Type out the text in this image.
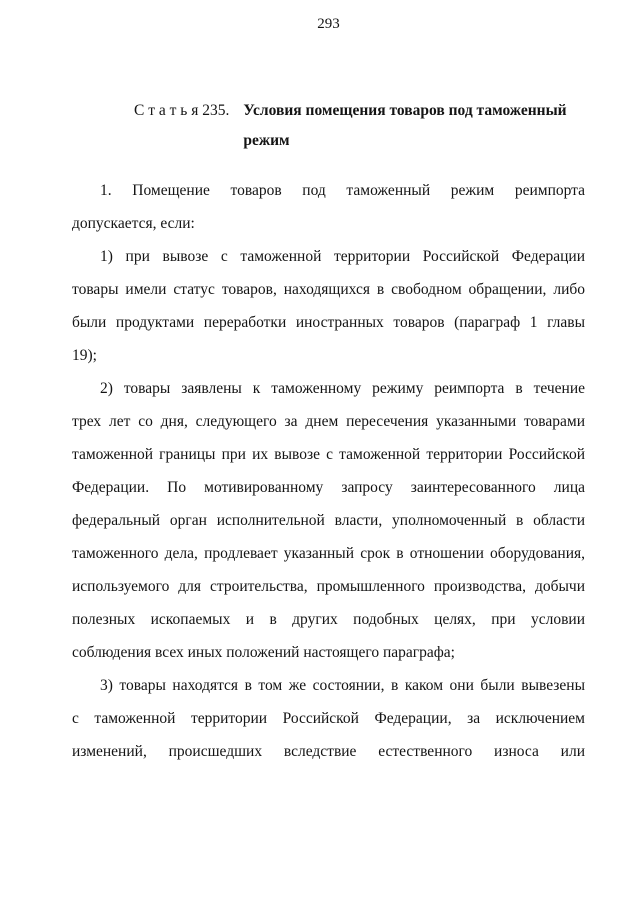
293
С т а т ь я 235. Условия помещения товаров под таможенный
режим

1. Помещение товаров под таможенный режим реимпорта
допускается, если:

1) при вывозе с таможенной территории Российской Федерации
товары имели статус товаров, находящихся в свободном обращении, либо
были продуктами переработки иностранных товаров (параграф 1 главы
19);

2) товары заявлены к таможенному режиму реимпорта в течение
трех лет со дня, следующего за днем пересечения указанными товарами
таможенной границы при их вывозе с таможенной территории Российской
Федерации. По мотивированному запросу заинтересованного лица
федеральный орган исполнительной власти, уполномоченный в области
таможенного дела, продлевает указанный срок в отношении оборудования,
используемого для строительства, промышленного производства, добычи
полезных ископаемых и в других подобных целях, при условии
соблюдения всех иных положений настоящего параграфа;

3) товары находятся в том же состоянии, в каком они были вывезены
с таможенной территории Российской Федерации, за исключением
изменений, происшедших вследствие естественного износа или
